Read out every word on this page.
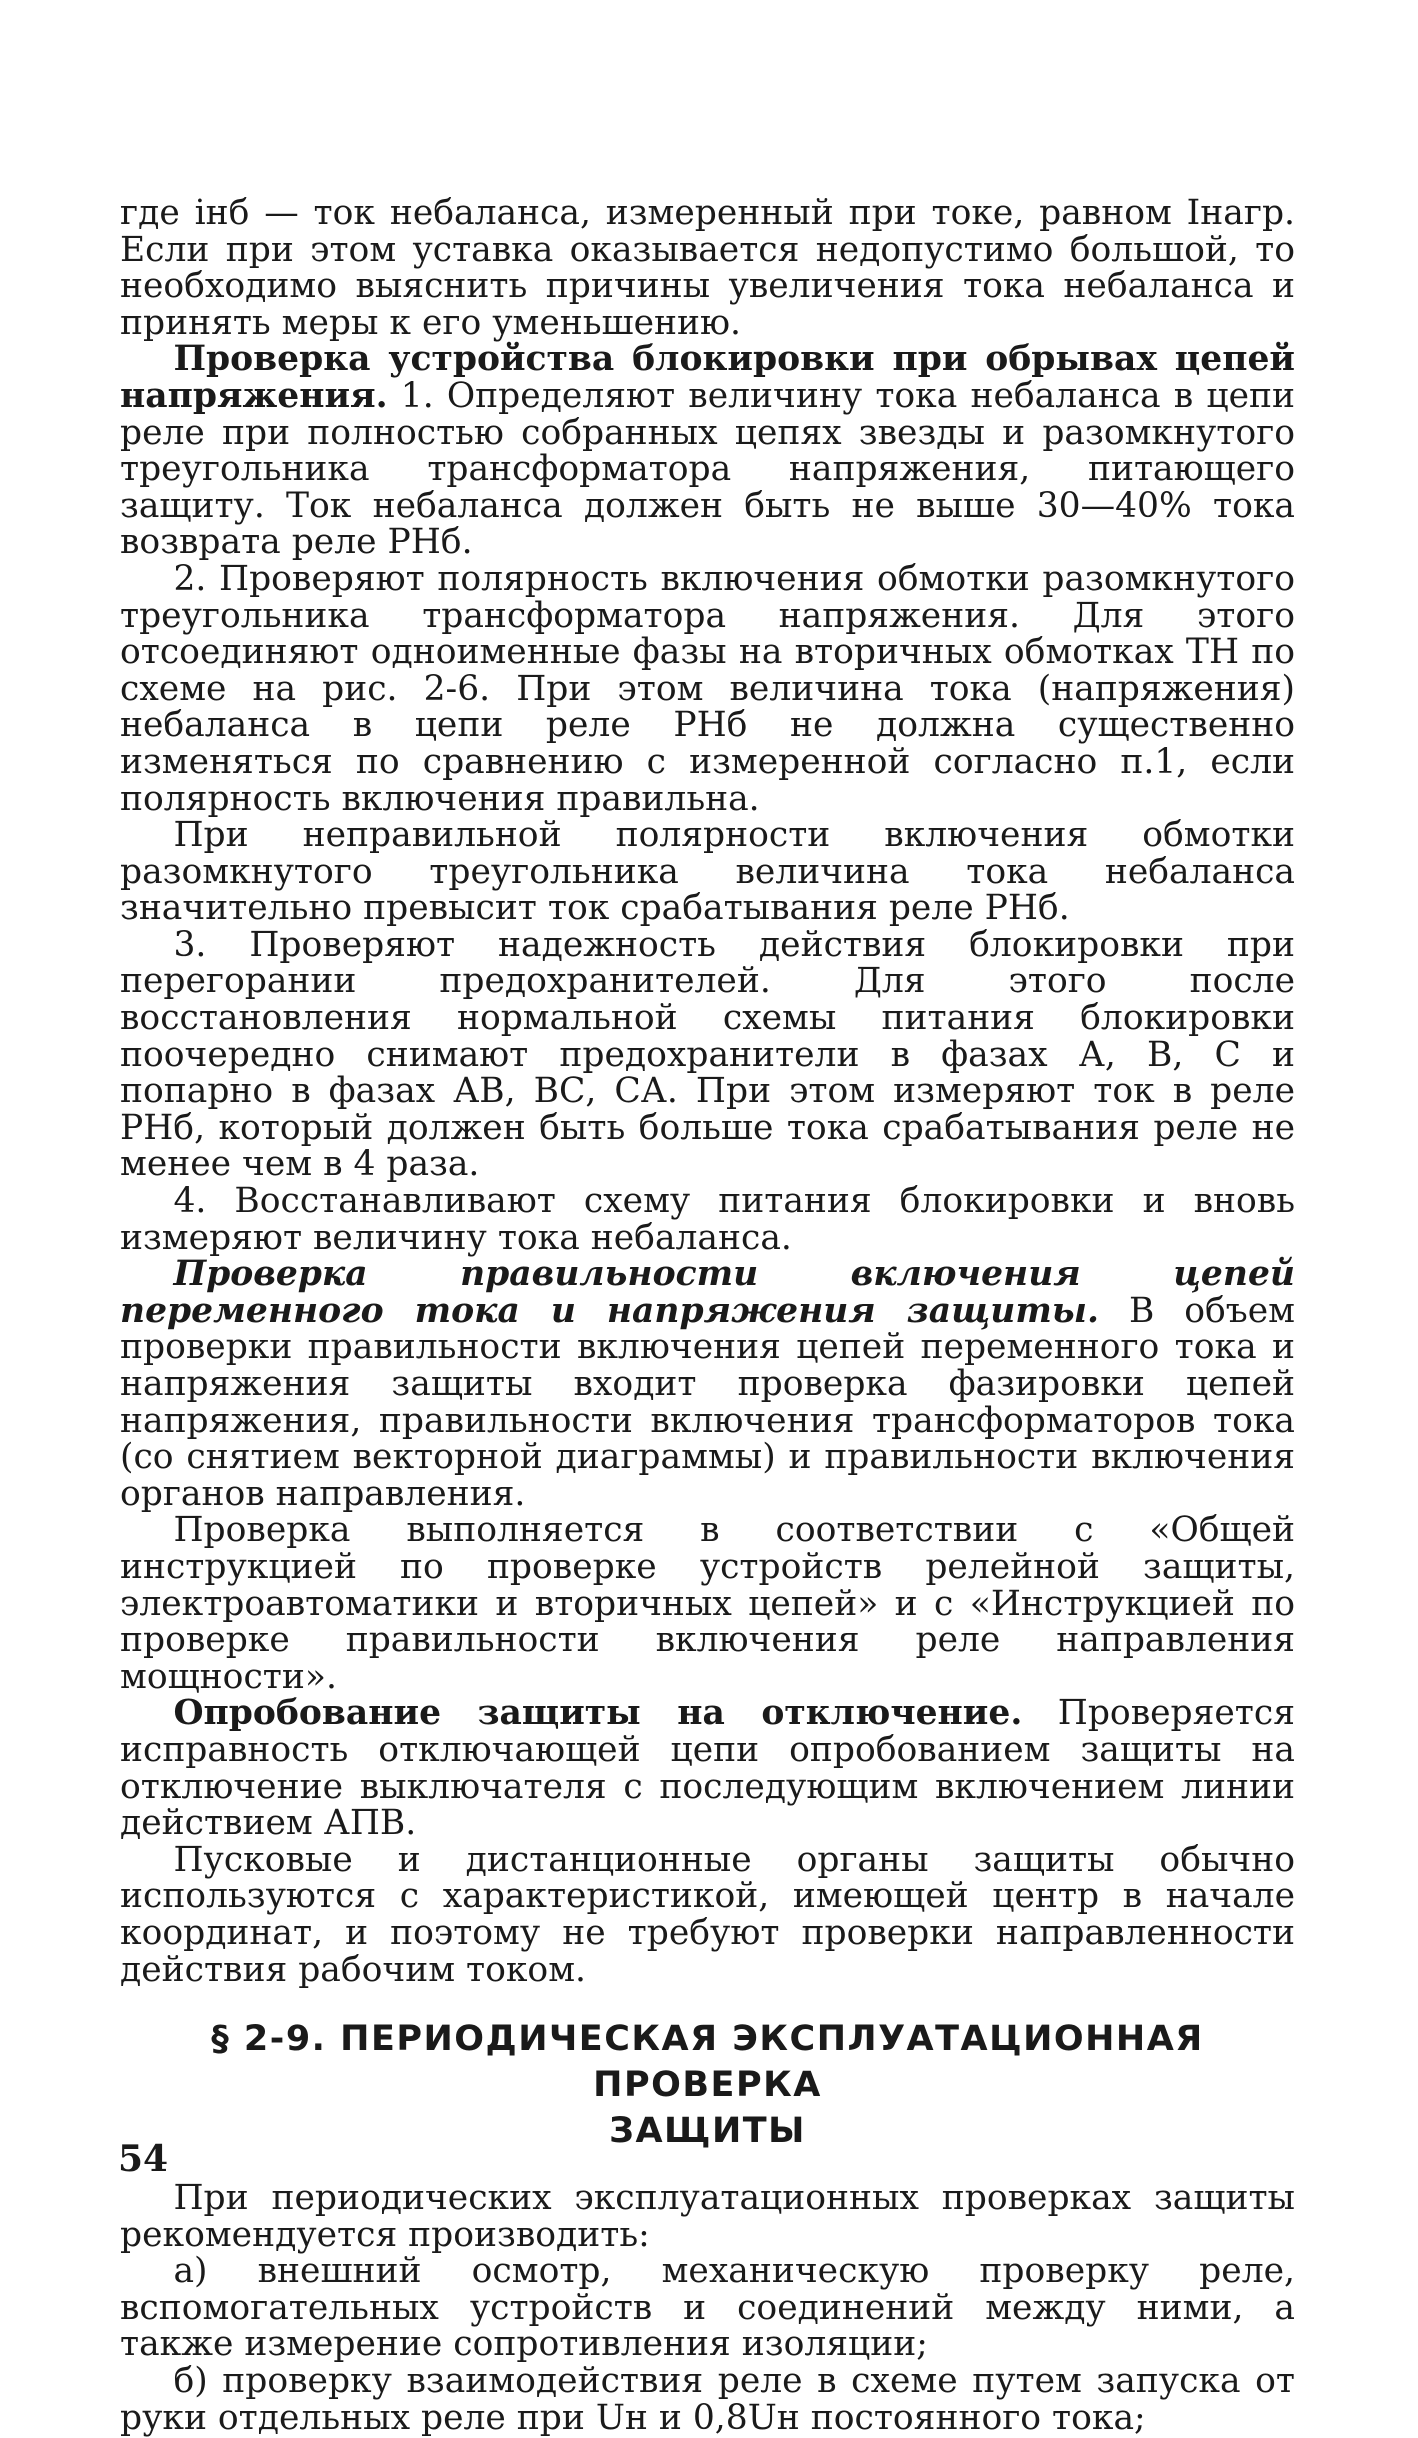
где iнб — ток небаланса, измеренный при токе, равном Iнагр. Если при этом уставка оказывается недопустимо большой, то необходимо выяснить причины увеличения тока небаланса и принять меры к его уменьшению.

Проверка устройства блокировки при обрывах цепей напряжения. 1. Определяют величину тока небаланса в цепи реле при полностью собранных цепях звезды и разомкнутого треугольника трансформатора напряжения, питающего защиту. Ток небаланса должен быть не выше 30—40% тока возврата реле РНб.

2. Проверяют полярность включения обмотки разомкнутого треугольника трансформатора напряжения. Для этого отсоединяют одноименные фазы на вторичных обмотках ТН по схеме на рис. 2-6. При этом величина тока (напряжения) небаланса в цепи реле РНб не должна существенно изменяться по сравнению с измеренной согласно п.1, если полярность включения правильна.

При неправильной полярности включения обмотки разомкнутого треугольника величина тока небаланса значительно превысит ток срабатывания реле РНб.

3. Проверяют надежность действия блокировки при перегорании предохранителей. Для этого после восстановления нормальной схемы питания блокировки поочередно снимают предохранители в фазах А, В, С и попарно в фазах АВ, ВС, СА. При этом измеряют ток в реле РНб, который должен быть больше тока срабатывания реле не менее чем в 4 раза.

4. Восстанавливают схему питания блокировки и вновь измеряют величину тока небаланса.

Проверка правильности включения цепей переменного тока и напряжения защиты. В объем проверки правильности включения цепей переменного тока и напряжения защиты входит проверка фазировки цепей напряжения, правильности включения трансформаторов тока (со снятием векторной диаграммы) и правильности включения органов направления.

Проверка выполняется в соответствии с «Общей инструкцией по проверке устройств релейной защиты, электроавтоматики и вторичных цепей» и с «Инструкцией по проверке правильности включения реле направления мощности».

Опробование защиты на отключение. Проверяется исправность отключающей цепи опробованием защиты на отключение выключателя с последующим включением линии действием АПВ.

Пусковые и дистанционные органы защиты обычно используются с характеристикой, имеющей центр в начале координат, и поэтому не требуют проверки направленности действия рабочим током.

§ 2-9. ПЕРИОДИЧЕСКАЯ ЭКСПЛУАТАЦИОННАЯ ПРОВЕРКА
ЗАЩИТЫ

При периодических эксплуатационных проверках защиты рекомендуется производить:

а) внешний осмотр, механическую проверку реле, вспомогательных устройств и соединений между ними, а также измерение сопротивления изоляции;

б) проверку взаимодействия реле в схеме путем запуска от руки отдельных реле при Uн и 0,8Uн постоянного тока;

54
